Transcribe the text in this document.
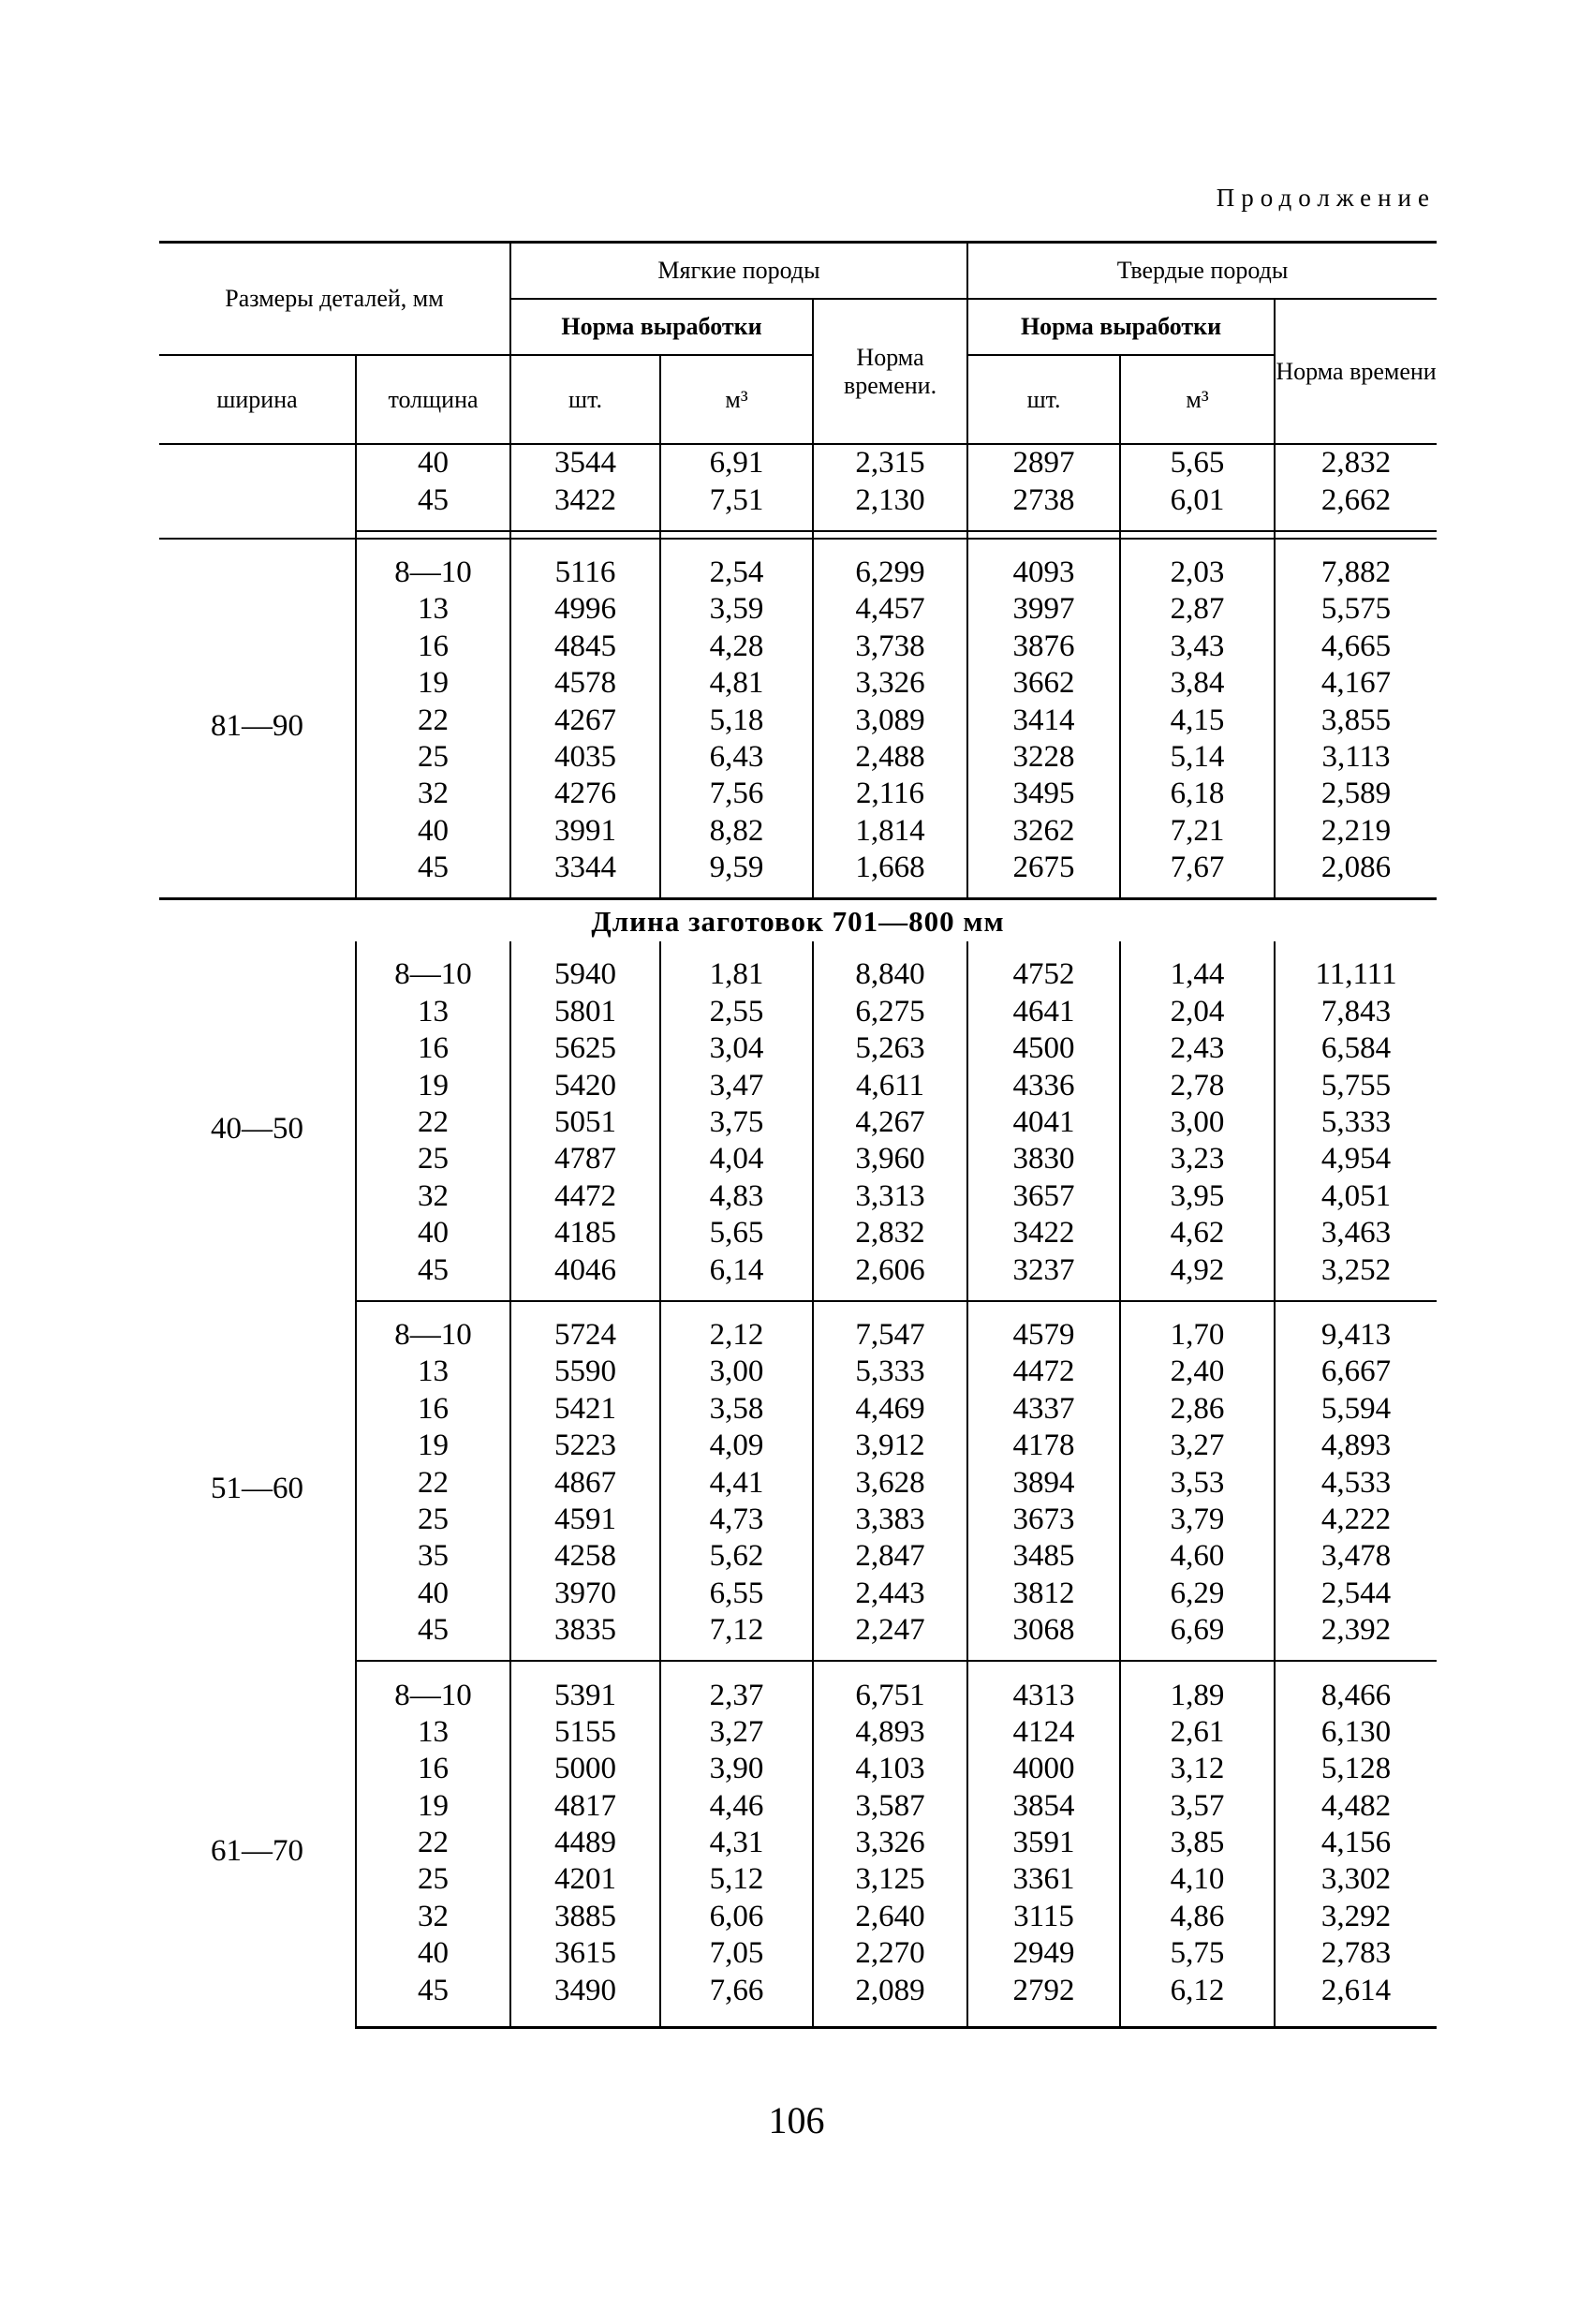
Продолжение
Размеры деталей, мм		Мягкие породы			Твердые породы		
		Норма выработки		Норма времени.	Норма выработки		Норма времени
ширина	толщина	шт.	м³		шт.	м³	
	40	3544	6,91	2,315	2897	5,65	2,832
	45	3422	7,51	2,130	2738	6,01	2,662

81—90	8—10	5116	2,54	6,299	4093	2,03	7,882
	13	4996	3,59	4,457	3997	2,87	5,575
	16	4845	4,28	3,738	3876	3,43	4,665
	19	4578	4,81	3,326	3662	3,84	4,167
	22	4267	5,18	3,089	3414	4,15	3,855
	25	4035	6,43	2,488	3228	5,14	3,113
	32	4276	7,56	2,116	3495	6,18	2,589
	40	3991	8,82	1,814	3262	7,21	2,219
	45	3344	9,59	1,668	2675	7,67	2,086
Длина заготовок 701—800 мм							
40—50	8—10	5940	1,81	8,840	4752	1,44	11,111
	13	5801	2,55	6,275	4641	2,04	7,843
	16	5625	3,04	5,263	4500	2,43	6,584
	19	5420	3,47	4,611	4336	2,78	5,755
	22	5051	3,75	4,267	4041	3,00	5,333
	25	4787	4,04	3,960	3830	3,23	4,954
	32	4472	4,83	3,313	3657	3,95	4,051
	40	4185	5,65	2,832	3422	4,62	3,463
	45	4046	6,14	2,606	3237	4,92	3,252
51—60	8—10	5724	2,12	7,547	4579	1,70	9,413
	13	5590	3,00	5,333	4472	2,40	6,667
	16	5421	3,58	4,469	4337	2,86	5,594
	19	5223	4,09	3,912	4178	3,27	4,893
	22	4867	4,41	3,628	3894	3,53	4,533
	25	4591	4,73	3,383	3673	3,79	4,222
	35	4258	5,62	2,847	3485	4,60	3,478
	40	3970	6,55	2,443	3812	6,29	2,544
	45	3835	7,12	2,247	3068	6,69	2,392
61—70	8—10	5391	2,37	6,751	4313	1,89	8,466
	13	5155	3,27	4,893	4124	2,61	6,130
	16	5000	3,90	4,103	4000	3,12	5,128
	19	4817	4,46	3,587	3854	3,57	4,482
	22	4489	4,31	3,326	3591	3,85	4,156
	25	4201	5,12	3,125	3361	4,10	3,302
	32	3885	6,06	2,640	3115	4,86	3,292
	40	3615	7,05	2,270	2949	5,75	2,783
	45	3490	7,66	2,089	2792	6,12	2,614
106
